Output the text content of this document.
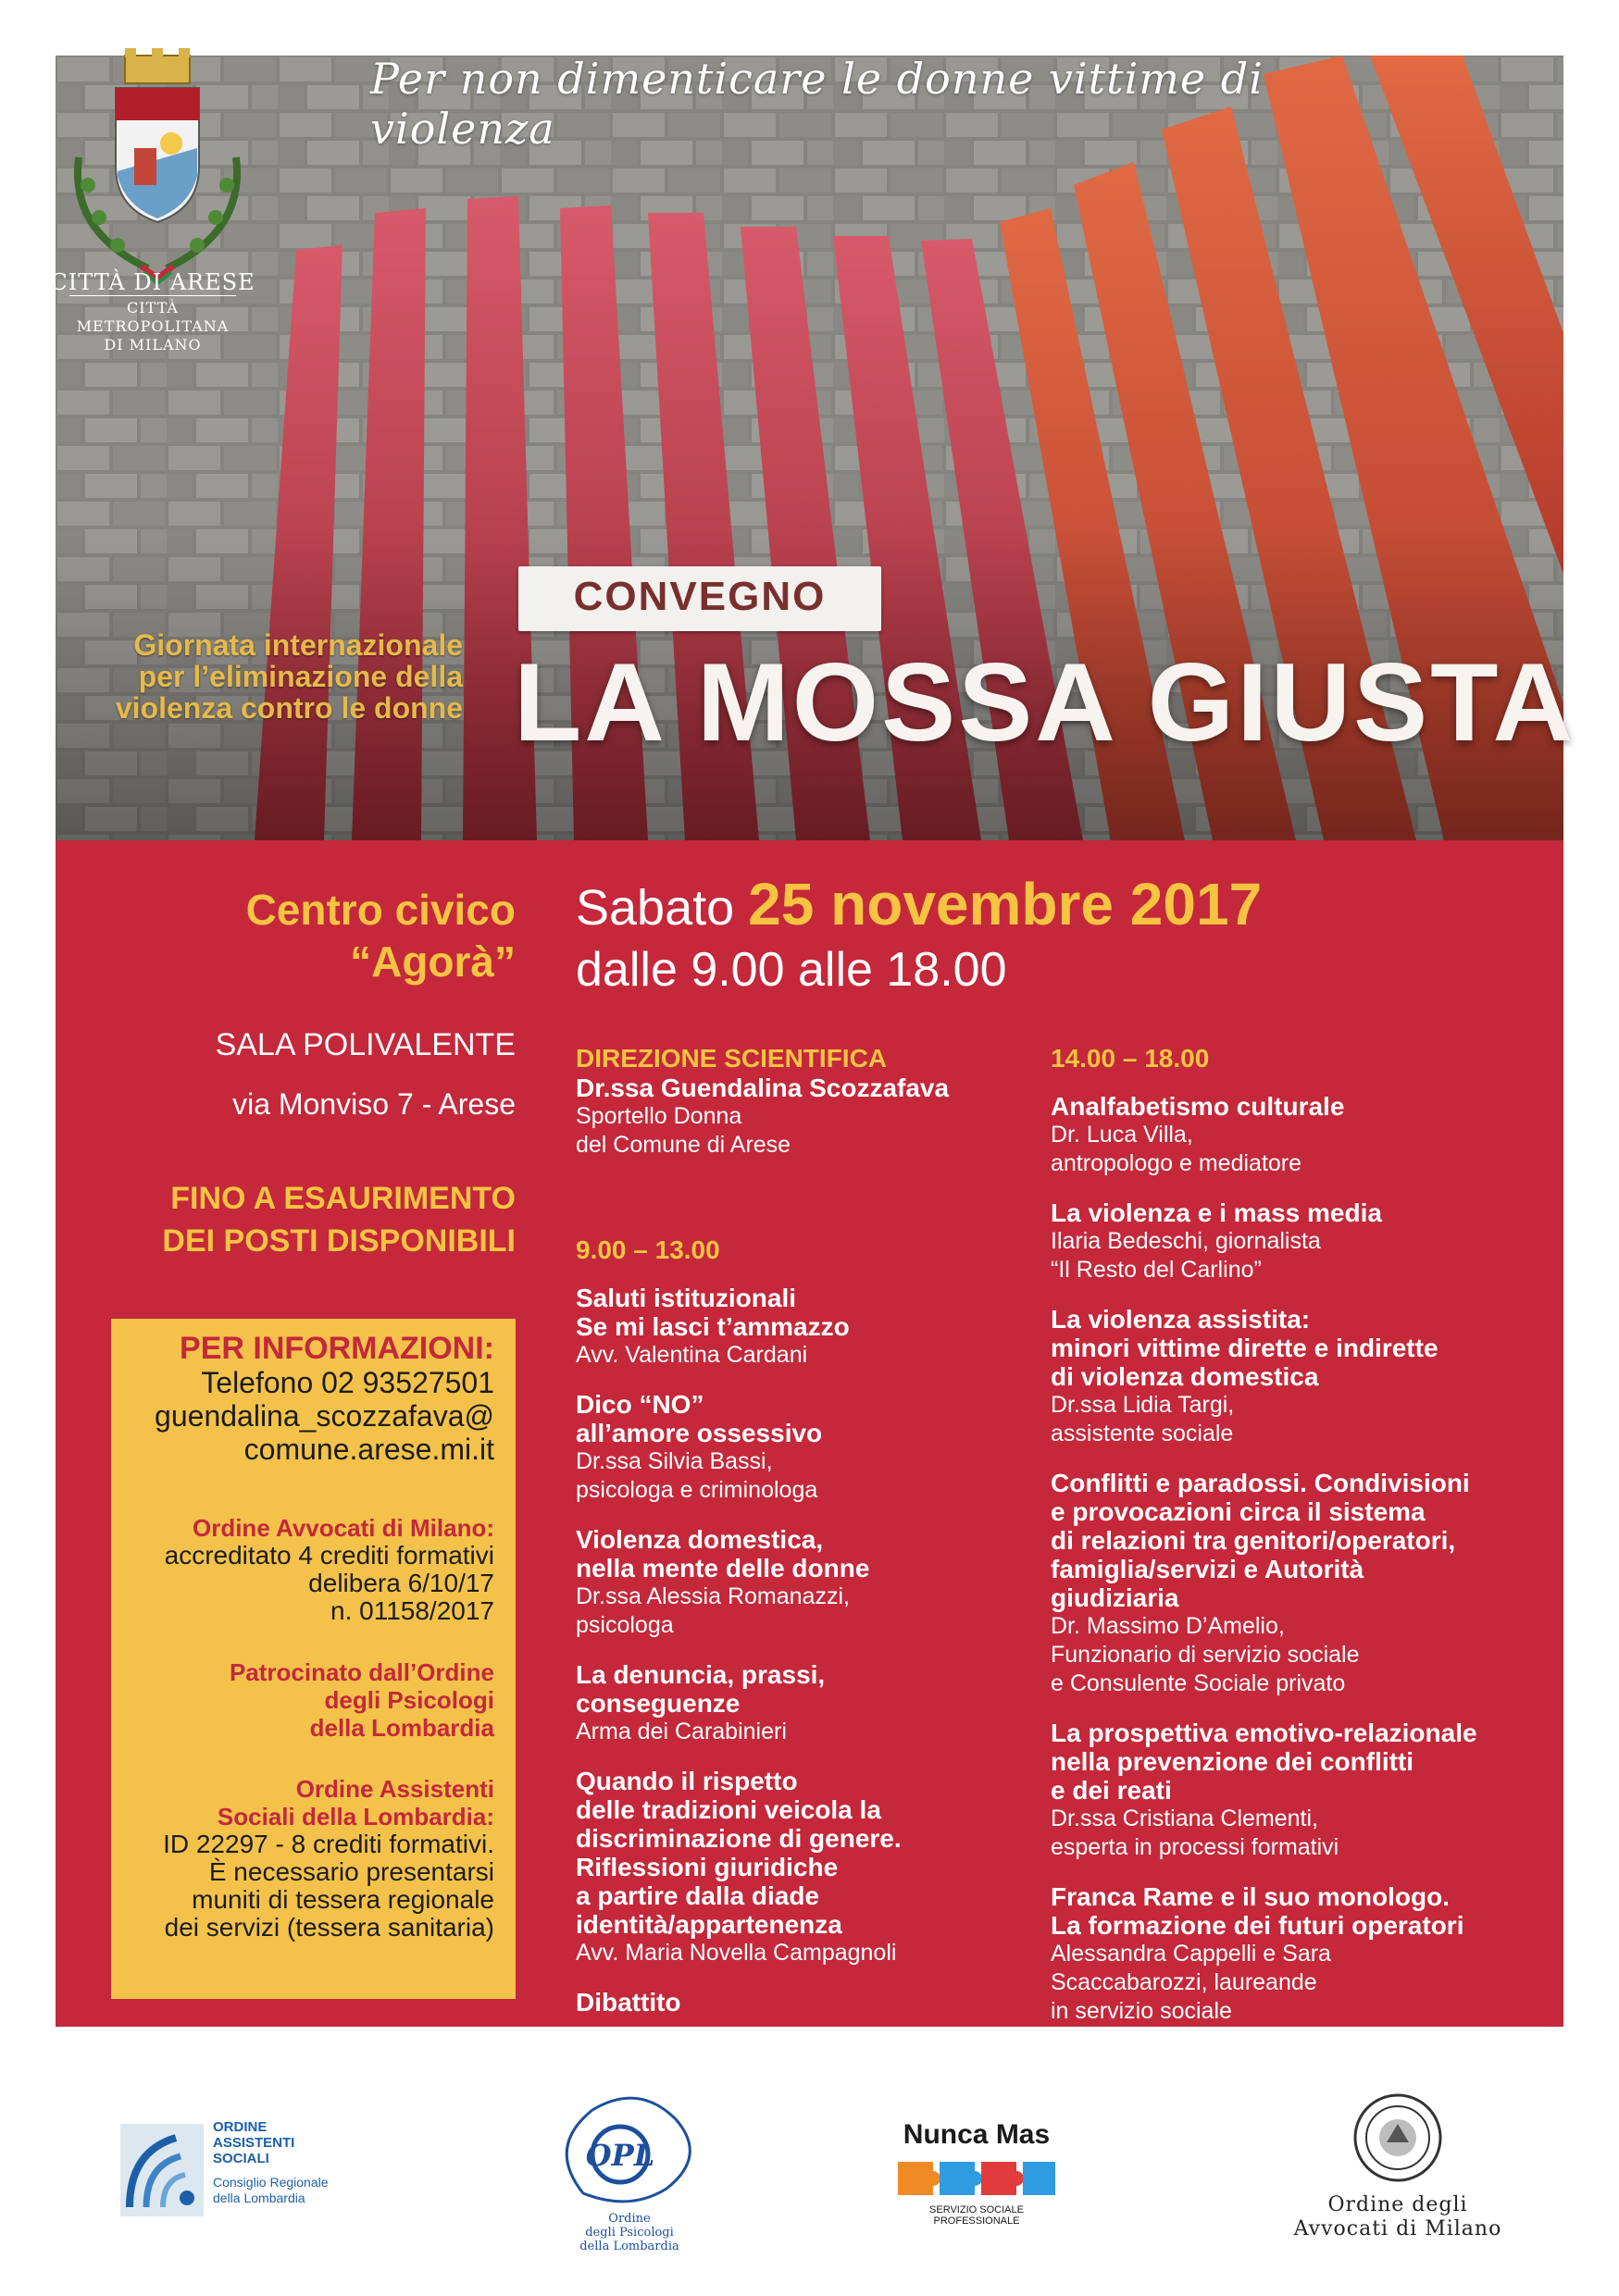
CITTÀ DI ARESE
CITTÀ METROPOLITANA
DI MILANO
Per non dimenticare le donne vittime di violenza
Giornata internazionale
per l’eliminazione della
violenza contro le donne
CONVEGNO
LA MOSSA GIUSTA
Centro civico
“Agorà”
SALA POLIVALENTE
via Monviso 7 - Arese
FINO A ESAURIMENTO
DEI POSTI DISPONIBILI
Sabato 25 novembre 2017
dalle 9.00 alle 18.00
PER INFORMAZIONI:
Telefono 02 93527501
guendalina_scozzafava@
comune.arese.mi.it
Ordine Avvocati di Milano:
accreditato 4 crediti formativi
delibera 6/10/17
n. 01158/2017
Patrocinato dall’Ordine
degli Psicologi
della Lombardia
Ordine Assistenti
Sociali della Lombardia:
ID 22297 - 8 crediti formativi.
È necessario presentarsi
muniti di tessera regionale
dei servizi (tessera sanitaria)
DIREZIONE SCIENTIFICA
Dr.ssa Guendalina Scozzafava
Sportello Donna
del Comune di Arese
9.00 – 13.00
Saluti istituzionali
Se mi lasci t’ammazzo
Avv. Valentina Cardani
Dico “NO”
all’amore ossessivo
Dr.ssa Silvia Bassi,
psicologa e criminologa
Violenza domestica,
nella mente delle donne
Dr.ssa Alessia Romanazzi,
psicologa
La denuncia, prassi,
conseguenze
Arma dei Carabinieri
Quando il rispetto
delle tradizioni veicola la
discriminazione di genere.
Riflessioni giuridiche
a partire dalla diade
identità/appartenenza
Avv. Maria Novella Campagnoli
Dibattito
14.00 – 18.00
Analfabetismo culturale
Dr. Luca Villa,
antropologo e mediatore
La violenza e i mass media
Ilaria Bedeschi, giornalista
“Il Resto del Carlino”
La violenza assistita:
minori vittime dirette e indirette
di violenza domestica
Dr.ssa Lidia Targi,
assistente sociale
Conflitti e paradossi. Condivisioni
e provocazioni circa il sistema
di relazioni tra genitori/operatori,
famiglia/servizi e Autorità
giudiziaria
Dr. Massimo D’Amelio,
Funzionario di servizio sociale
e Consulente Sociale privato
La prospettiva emotivo-relazionale
nella prevenzione dei conflitti
e dei reati
Dr.ssa Cristiana Clementi,
esperta in processi formativi
Franca Rame e il suo monologo.
La formazione dei futuri operatori
Alessandra Cappelli e Sara
Scaccabarozzi, laureande
in servizio sociale
ORDINE
ASSISTENTI
SOCIALI
Consiglio Regionale
della Lombardia
OPL
Ordine
degli Psicologi
della Lombardia
Nunca Mas
SERVIZIO SOCIALE PROFESSIONALE
Ordine degli
Avvocati di Milano
